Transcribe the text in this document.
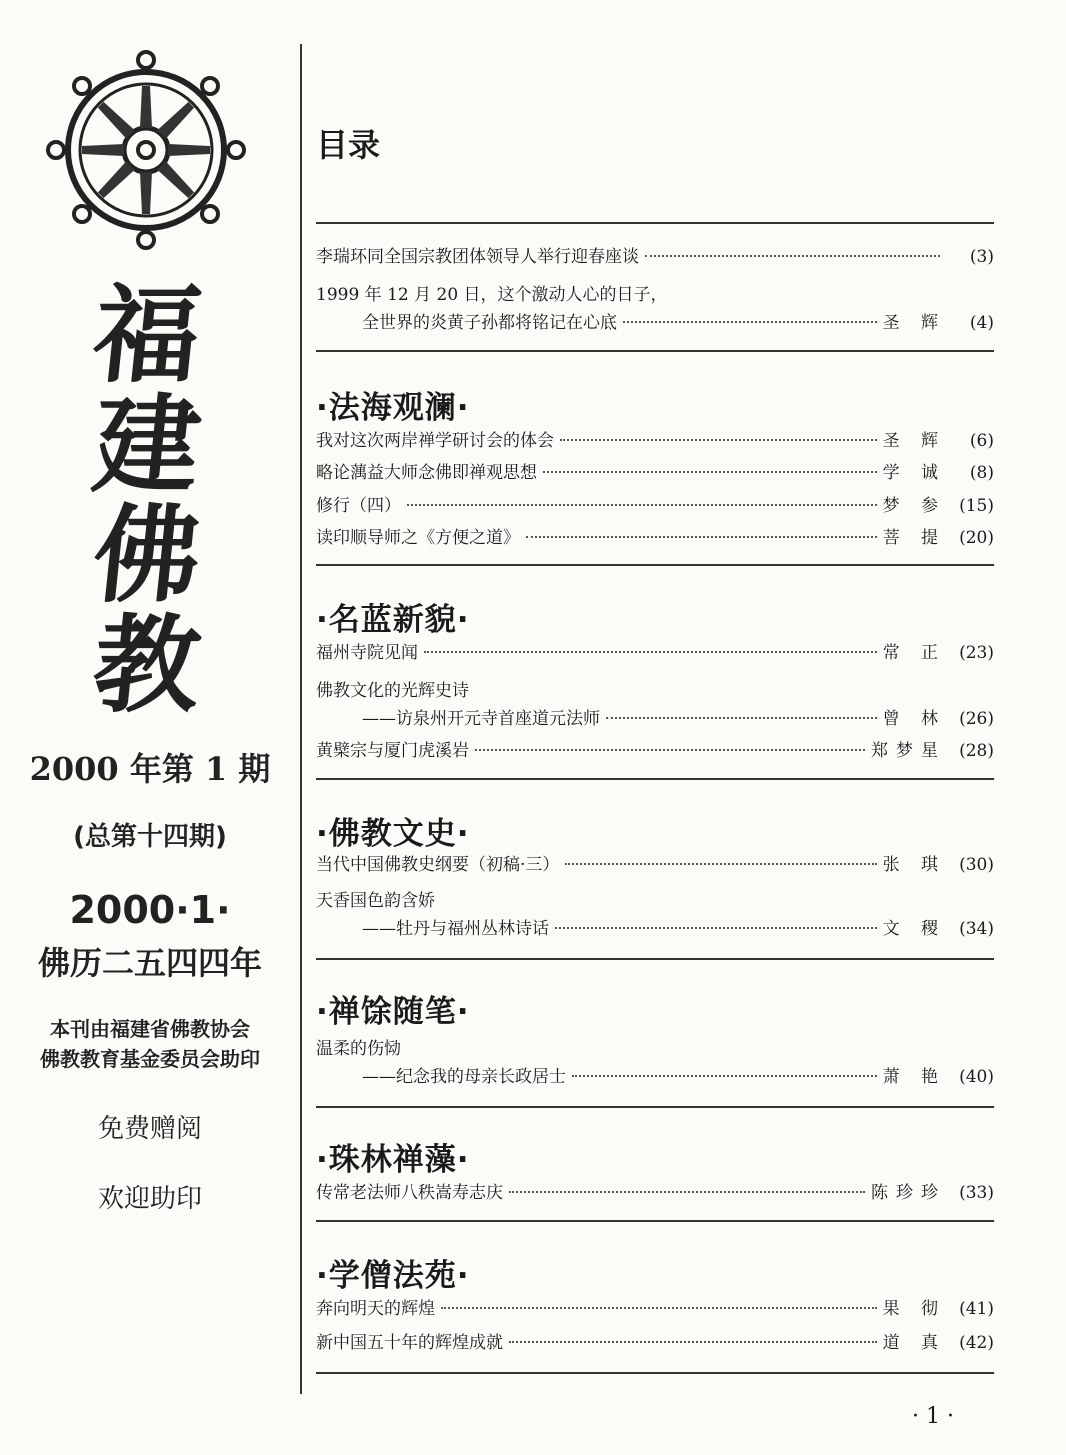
福
建
佛
教
2000 年第 1 期
(总第十四期)
2000·1·
佛历二五四四年
本刊由福建省佛教协会
佛教教育基金委员会助印
免费赠阅
欢迎助印
目录
李瑞环同全国宗教团体领导人举行迎春座谈	(3)
1999 年 12 月 20 日，这个激动人心的日子，
全世界的炎黄子孙都将铭记在心底	圣 辉	(4)
·法海观澜·
我对这次两岸禅学研讨会的体会	圣 辉	(6)
略论蕅益大师念佛即禅观思想	学 诚	(8)
修行（四）	梦 参 (15)
读印顺导师之《方便之道》	菩 提 (20)
·名蓝新貌·
福州寺院见闻	常 正 (23)
佛教文化的光辉史诗
——访泉州开元寺首座道元法师	曾 林 (26)
黄檗宗与厦门虎溪岩	郑梦星 (28)
·佛教文史·
当代中国佛教史纲要（初稿·三）	张 琪 (30)
天香国色韵含娇
——牡丹与福州丛林诗话	文 稷 (34)
·禅馀随笔·
温柔的伤恸
——纪念我的母亲长政居士	萧 艳 (40)
·珠林禅藻·
传常老法师八秩嵩寿志庆	陈珍珍 (33)
·学僧法苑·
奔向明天的辉煌	果 彻 (41)
新中国五十年的辉煌成就	道 真 (42)
· 1 ·
